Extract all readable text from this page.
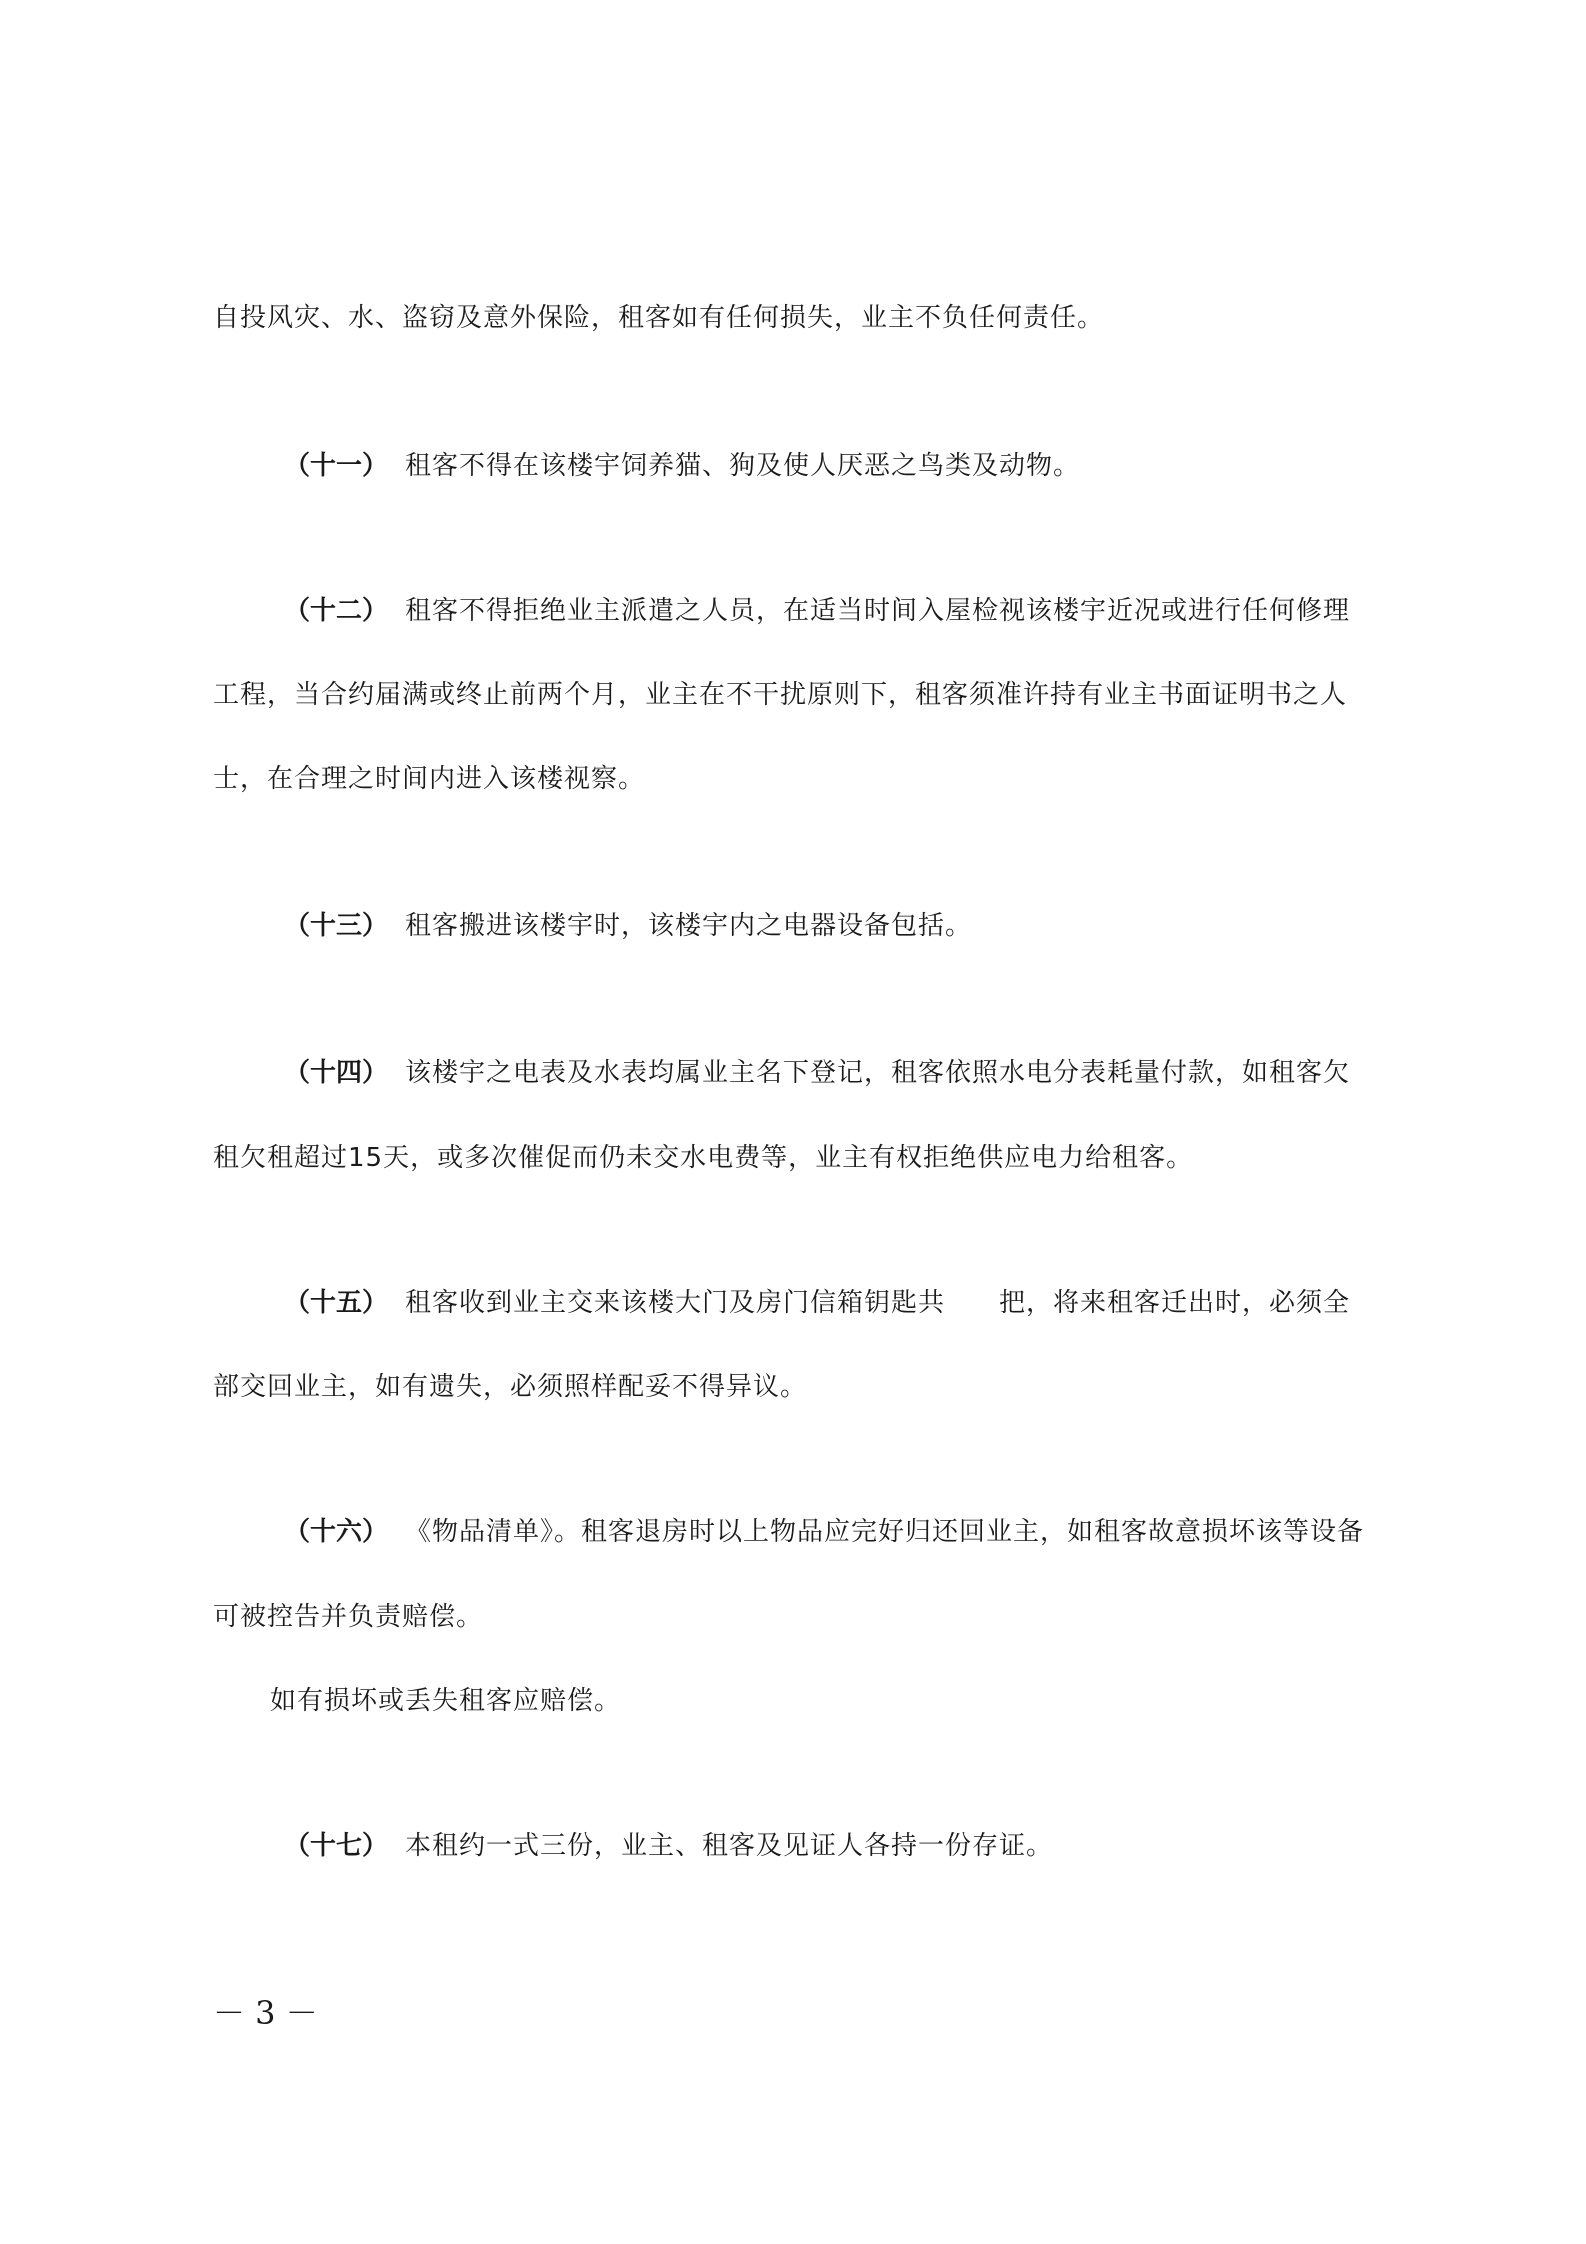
自投风灾、水、盗窃及意外保险，租客如有任何损失，业主不负任何责任。
（十一） 租客不得在该楼宇饲养猫、狗及使人厌恶之鸟类及动物。
（十二） 租客不得拒绝业主派遣之人员，在适当时间入屋检视该楼宇近况或进行任何修理
工程，当合约届满或终止前两个月，业主在不干扰原则下，租客须准许持有业主书面证明书之人
士，在合理之时间内进入该楼视察。
（十三） 租客搬进该楼宇时，该楼宇内之电器设备包括。
（十四） 该楼宇之电表及水表均属业主名下登记，租客依照水电分表耗量付款，如租客欠
租欠租超过15天，或多次催促而仍未交水电费等，业主有权拒绝供应电力给租客。
（十五） 租客收到业主交来该楼大门及房门信箱钥匙共　　把，将来租客迁出时，必须全
部交回业主，如有遗失，必须照样配妥不得异议。
（十六） 《物品清单》。租客退房时以上物品应完好归还回业主，如租客故意损坏该等设备
可被控告并负责赔偿。
如有损坏或丢失租客应赔偿。
（十七） 本租约一式三份，业主、租客及见证人各持一份存证。
－ 3 －
